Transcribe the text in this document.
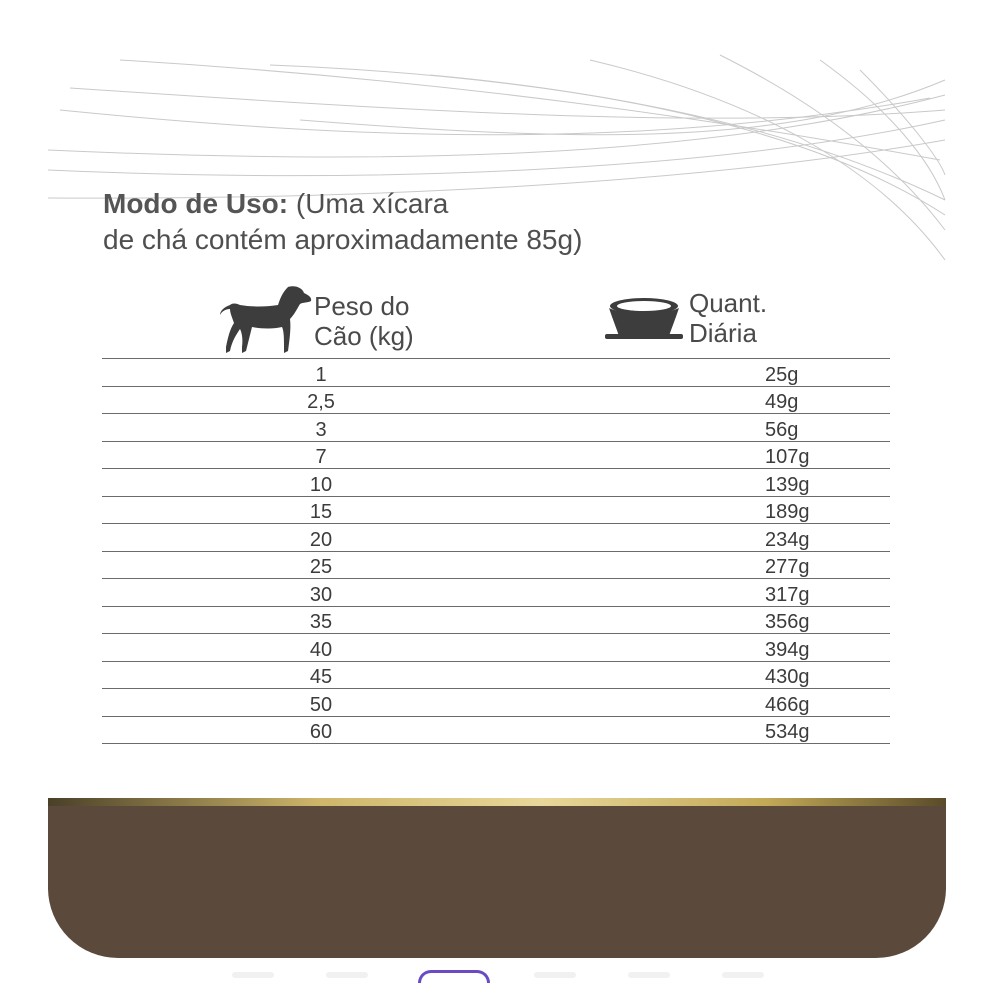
Modo de Uso: (Uma xícara
de chá contém aproximadamente 85g)
Peso do
Cão (kg)
Quant.
Diária
1	25g
2,5	49g
3	56g
7	107g
10	139g
15	189g
20	234g
25	277g
30	317g
35	356g
40	394g
45	430g
50	466g
60	534g
